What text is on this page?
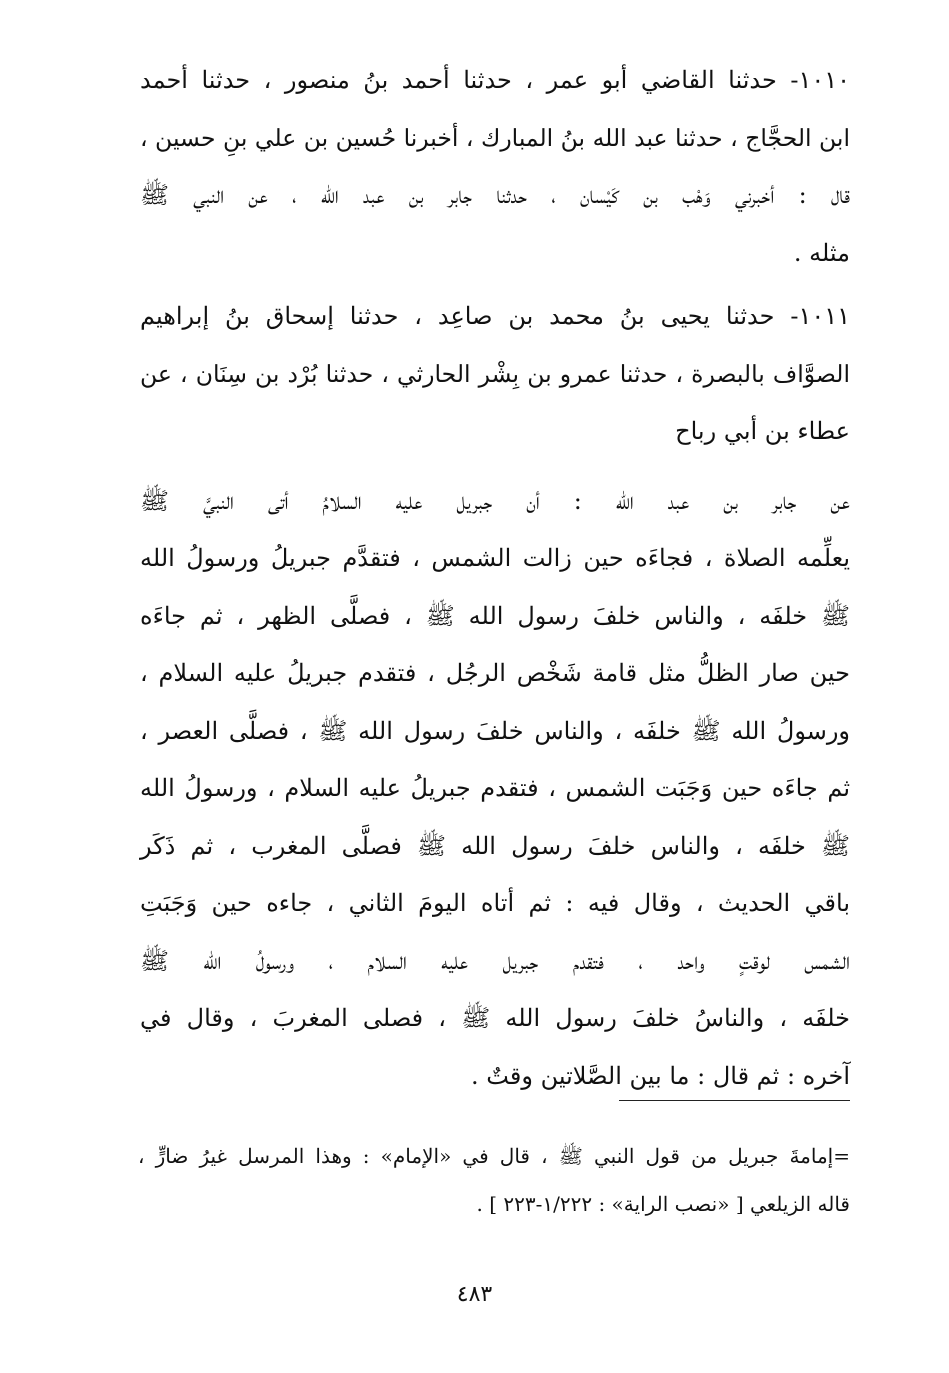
١٠١٠- حدثنا القاضي أبو عمر ، حدثنا أحمد بنُ منصور ، حدثنا أحمد
ابن الحجَّاج ، حدثنا عبد الله بنُ المبارك ، أخبرنا حُسين بن علي بنِ حسين ،
قال : أخبرني وَهْب بن كَيْسان ، حدثنا جابر بن عبد الله ، عن النبي ﷺ
مثله .

١٠١١- حدثنا يحيى بنُ محمد بن صاعِد ، حدثنا إسحاق بنُ إبراهيم
الصوَّاف بالبصرة ، حدثنا عمرو بن بِشْر الحارثي ، حدثنا بُرْد بن سِنَان ، عن
عطاء بن أبي رباح

عن جابر بن عبد الله : أن جبريل عليه السلامُ أتى النبيَّ ﷺ
يعلِّمه الصلاة ، فجاءَه حين زالت الشمس ، فتقدَّم جبريلُ ورسولُ الله
ﷺ خلفَه ، والناس خلفَ رسول الله ﷺ ، فصلَّى الظهر ، ثم جاءَه
حين صار الظلُّ مثل قامة شَخْص الرجُل ، فتقدم جبريلُ عليه السلام ،
ورسولُ الله ﷺ خلفَه ، والناس خلفَ رسول الله ﷺ ، فصلَّى العصر ،
ثم جاءَه حين وَجَبَت الشمس ، فتقدم جبريلُ عليه السلام ، ورسولُ الله
ﷺ خلفَه ، والناس خلفَ رسول الله ﷺ فصلَّى المغرب ، ثم ذَكَر
باقي الحديث ، وقال فيه : ثم أتاه اليومَ الثاني ، جاءه حين وَجَبَتِ
الشمس لوقتٍ واحد ، فتقدم جبريل عليه السلام ، ورسولُ الله ﷺ
خلفَه ، والناسُ خلفَ رسول الله ﷺ ، فصلى المغربَ ، وقال في
آخره : ثم قال : ما بين الصَّلاتين وقتٌ .

=إمامةَ جبريل من قول النبي ﷺ ، قال في «الإمام» : وهذا المرسل غيرُ ضارٍّ ،
قاله الزيلعي [ «نصب الراية» : ١/٢٢٢-٢٢٣ ] .
٤٨٣
